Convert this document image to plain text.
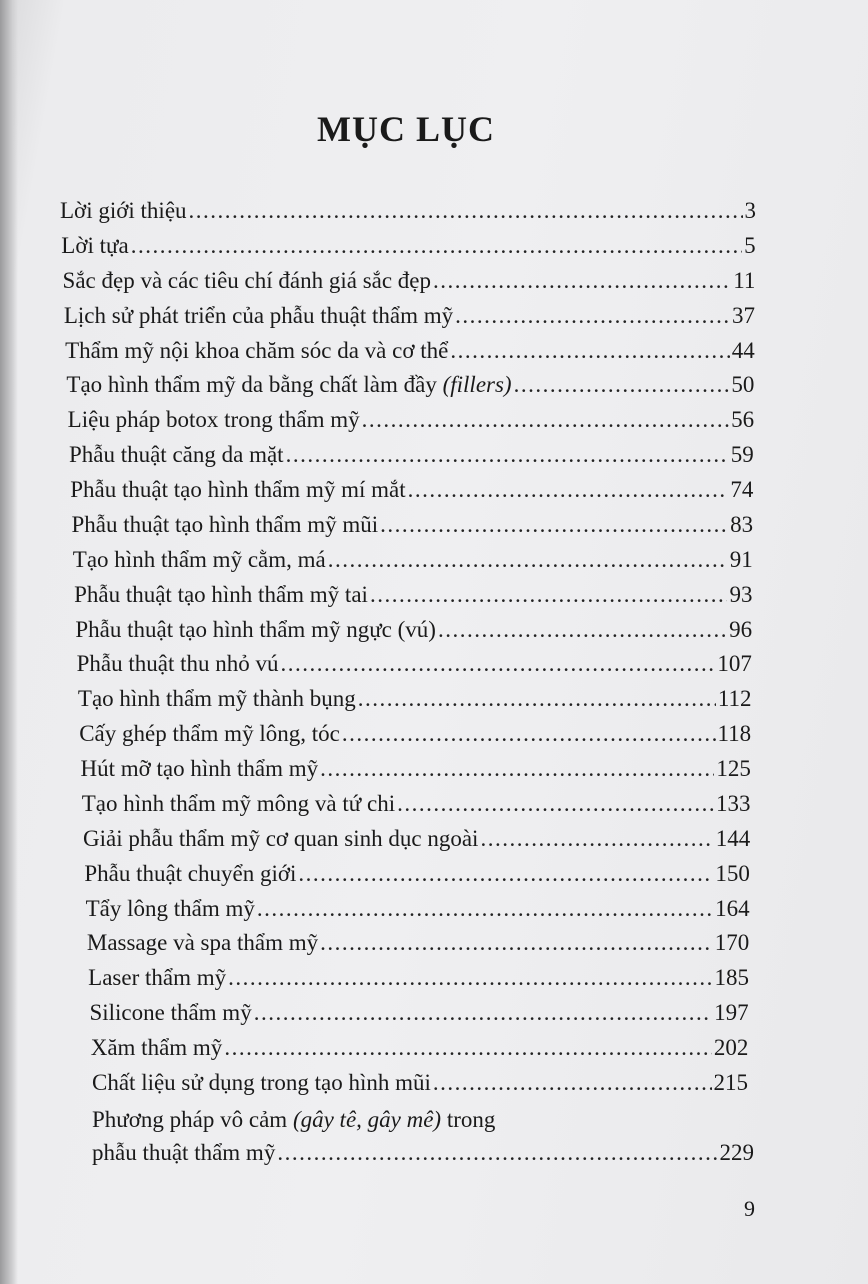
MỤC LỤC
Lời giới thiệu .....	3
Lời tựa .....	5
Sắc đẹp và các tiêu chí đánh giá sắc đẹp .....	11
Lịch sử phát triển của phẫu thuật thẩm mỹ .....	37
Thẩm mỹ nội khoa chăm sóc da và cơ thể .....	44
Tạo hình thẩm mỹ da bằng chất làm đầy (fillers) .....	50
Liệu pháp botox trong thẩm mỹ .....	56
Phẫu thuật căng da mặt .....	59
Phẫu thuật tạo hình thẩm mỹ mí mắt .....	74
Phẫu thuật tạo hình thẩm mỹ mũi .....	83
Tạo hình thẩm mỹ cằm, má .....	91
Phẫu thuật tạo hình thẩm mỹ tai .....	93
Phẫu thuật tạo hình thẩm mỹ ngực (vú) .....	96
Phẫu thuật thu nhỏ vú .....	107
Tạo hình thẩm mỹ thành bụng .....	112
Cấy ghép thẩm mỹ lông, tóc .....	118
Hút mỡ tạo hình thẩm mỹ .....	125
Tạo hình thẩm mỹ mông và tứ chi .....	133
Giải phẫu thẩm mỹ cơ quan sinh dục ngoài .....	144
Phẫu thuật chuyển giới .....	150
Tẩy lông thẩm mỹ .....	164
Massage và spa thẩm mỹ .....	170
Laser thẩm mỹ .....	185
Silicone thẩm mỹ .....	197
Xăm thẩm mỹ .....	202
Chất liệu sử dụng trong tạo hình mũi .....	215
Phương pháp vô cảm (gây tê, gây mê) trong
phẫu thuật thẩm mỹ .....	229
9
